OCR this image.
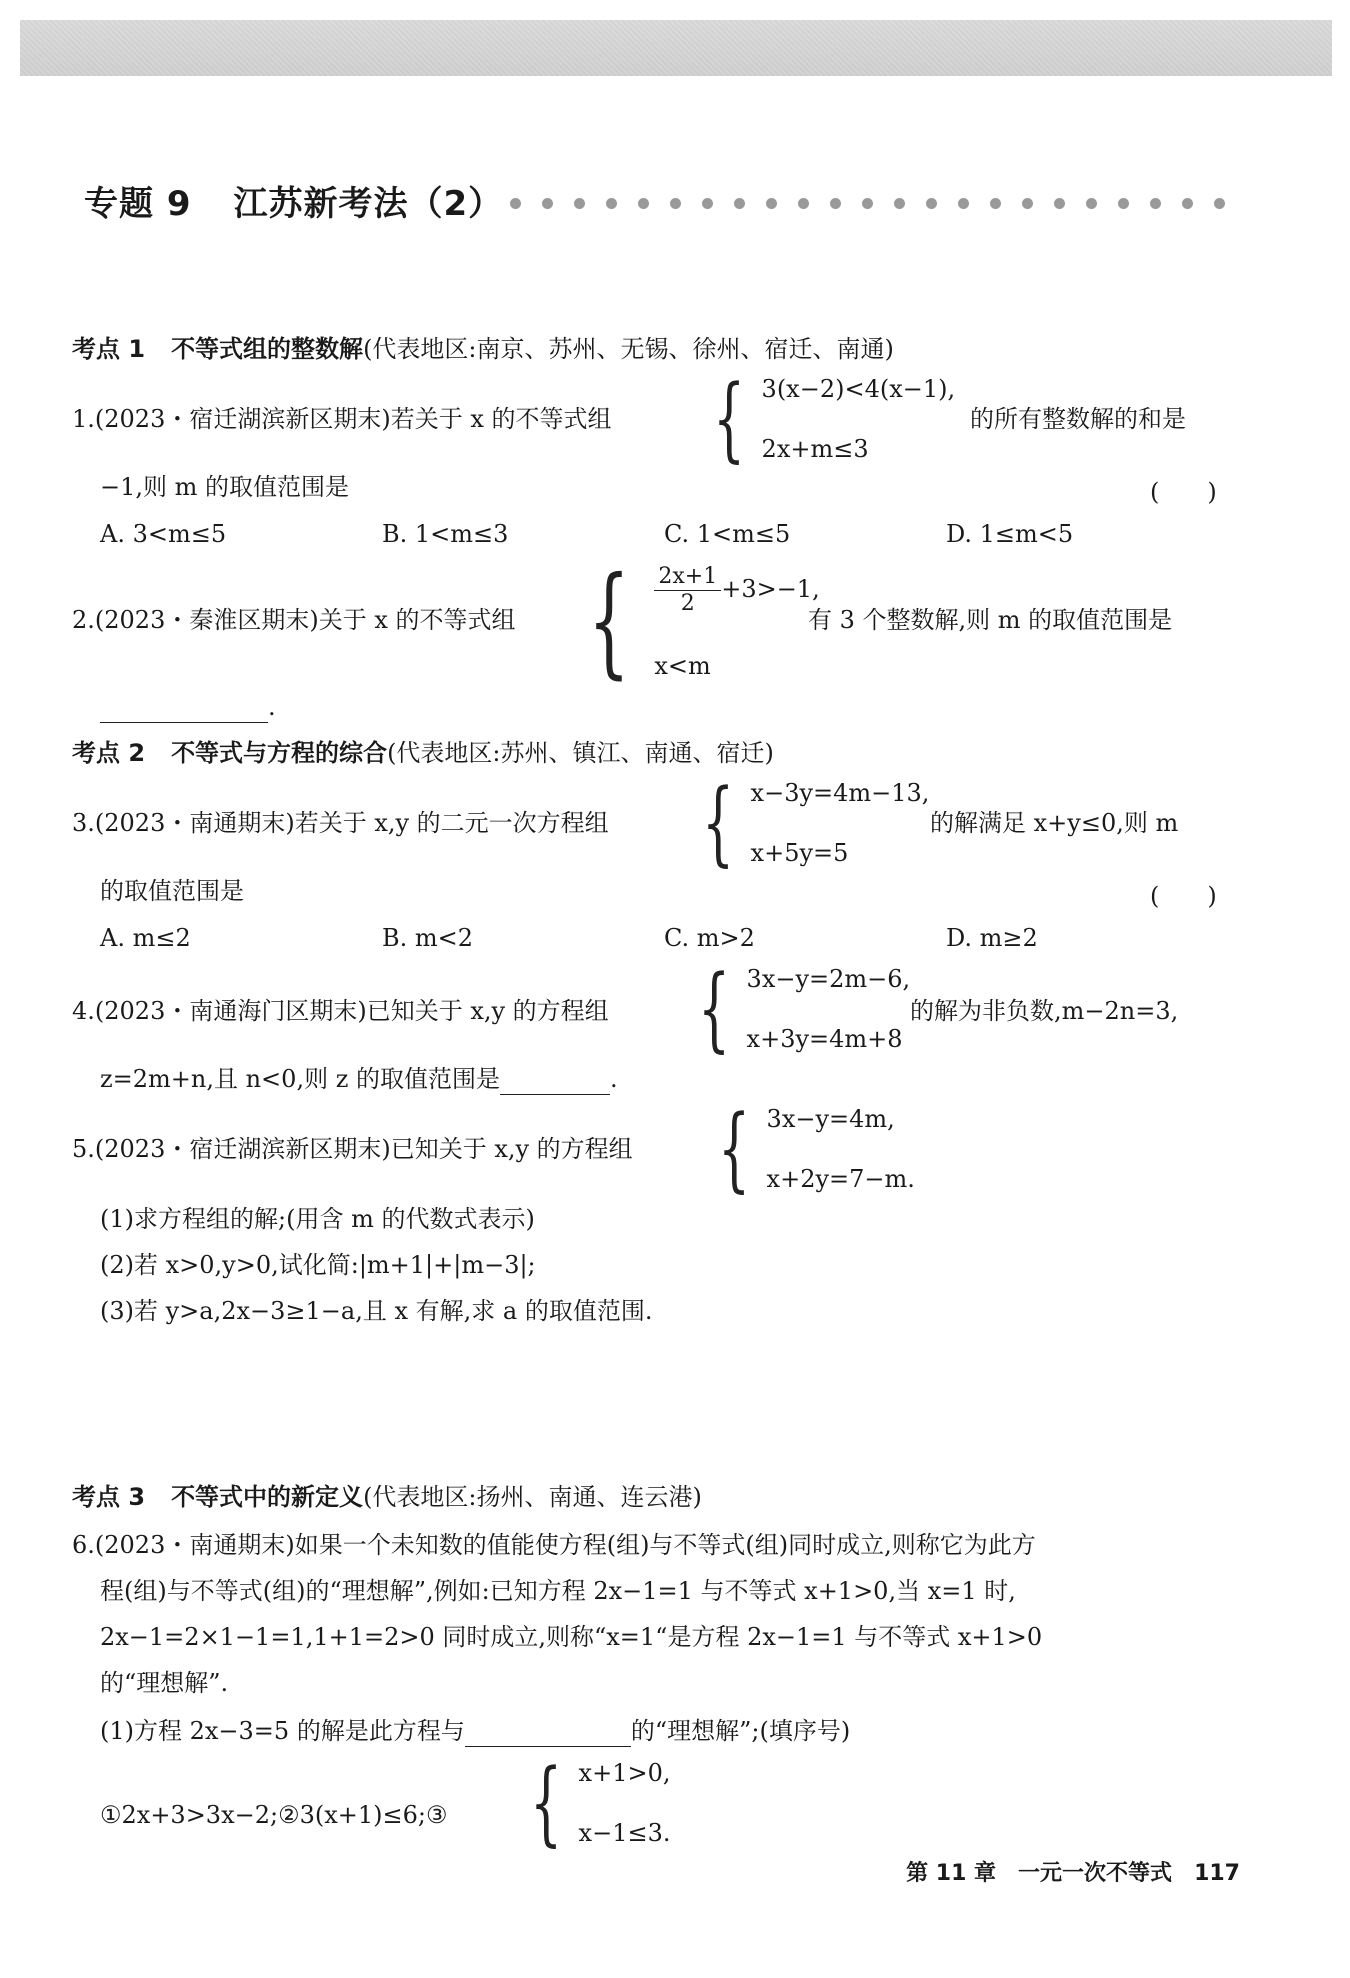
专题 9 江苏新考法（2）
考点 1 不等式组的整数解(代表地区:南京、苏州、无锡、徐州、宿迁、南通)
1.(2023・宿迁湖滨新区期末)若关于 x 的不等式组 { 3(x−2)<4(x−1),
2x+m≤3
的所有整数解的和是
−1,则 m 的取值范围是	(　　)
A. 3<m≤5	B. 1<m≤3	C. 1<m≤5	D. 1≤m<5
2.(2023・秦淮区期末)关于 x 的不等式组 { $\frac{2x+1}{2} +3>-1$,
x<m
有 3 个整数解,则 m 的取值范围是
.
考点 2 不等式与方程的综合(代表地区:苏州、镇江、南通、宿迁)
3.(2023・南通期末)若关于 x,y 的二元一次方程组 { x−3y=4m−13,
x+5y=5
的解满足 x+y≤0,则 m
的取值范围是	(　　)
A. m≤2	B. m<2	C. m>2	D. m≥2
4.(2023・南通海门区期末)已知关于 x,y 的方程组 { 3x−y=2m−6,
x+3y=4m+8
的解为非负数,m−2n=3,
z=2m+n,且 n<0,则 z 的取值范围是	.
5.(2023・宿迁湖滨新区期末)已知关于 x,y 的方程组 { 3x−y=4m,
x+2y=7−m.
(1)求方程组的解;(用含 m 的代数式表示)
(2)若 x>0,y>0,试化简:|m+1|+|m−3|;
(3)若 y>a,2x−3≥1−a,且 x 有解,求 a 的取值范围.
考点 3 不等式中的新定义(代表地区:扬州、南通、连云港)
6.(2023・南通期末)如果一个未知数的值能使方程(组)与不等式(组)同时成立,则称它为此方
程(组)与不等式(组)的“理想解”,例如:已知方程 2x−1=1 与不等式 x+1>0,当 x=1 时,
2x−1=2×1−1=1,1+1=2>0 同时成立,则称“x=1“是方程 2x−1=1 与不等式 x+1>0
的“理想解”.
(1)方程 2x−3=5 的解是此方程与	的“理想解”;(填序号)
①2x+3>3x−2;②3(x+1)≤6;③ { x+1>0,
x−1≤3.
第 11 章 一元一次不等式 117
